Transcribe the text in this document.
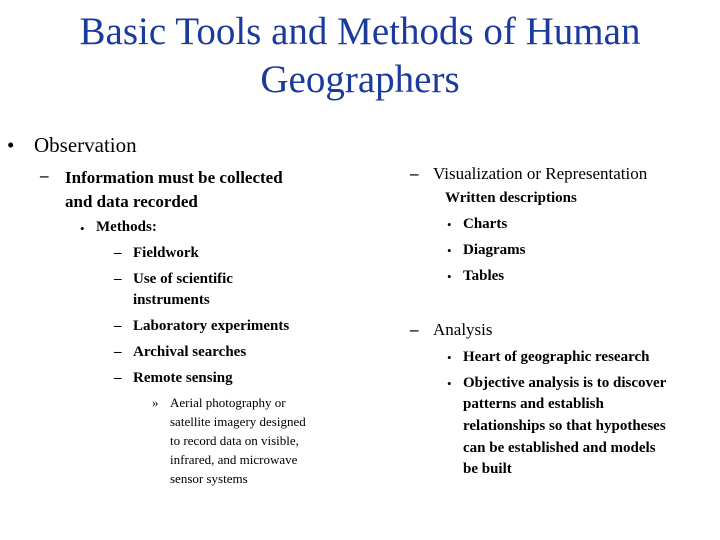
Basic Tools and Methods of Human
Geographers
• Observation
– Information must be collected
and data recorded
• Methods:
– Fieldwork
– Use of scientific
instruments
– Laboratory experiments
– Archival searches
– Remote sensing
» Aerial photography or
satellite imagery designed
to record data on visible,
infrared, and microwave
sensor systems
– Visualization or Representation
Written descriptions
• Charts
• Diagrams
• Tables
– Analysis
• Heart of geographic research
• Objective analysis is to discover
patterns and establish
relationships so that hypotheses
can be established and models
be built
